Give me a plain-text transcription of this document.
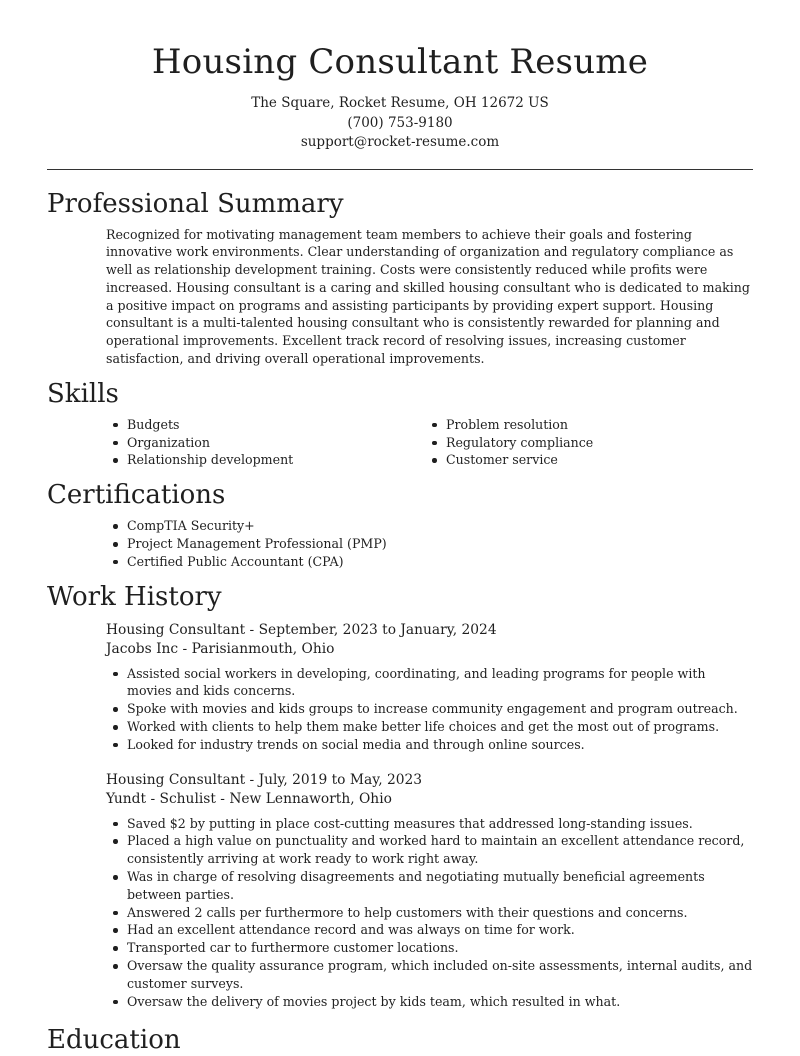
Housing Consultant Resume
The Square, Rocket Resume, OH 12672 US
(700) 753-9180
support@rocket-resume.com
Professional Summary

Recognized for motivating management team members to achieve their goals and fostering innovative work environments. Clear understanding of organization and regulatory compliance as well as relationship development training. Costs were consistently reduced while profits were increased. Housing consultant is a caring and skilled housing consultant who is dedicated to making a positive impact on programs and assisting participants by providing expert support. Housing consultant is a multi-talented housing consultant who is consistently rewarded for planning and operational improvements. Excellent track record of resolving issues, increasing customer satisfaction, and driving overall operational improvements.

Skills
Budgets
Organization
Relationship development
Problem resolution
Regulatory compliance
Customer service
Certifications
CompTIA Security+
Project Management Professional (PMP)
Certified Public Accountant (CPA)
Work History
Housing Consultant - September, 2023 to January, 2024
Jacobs Inc - Parisianmouth, Ohio
Assisted social workers in developing, coordinating, and leading programs for people with movies and kids concerns.
Spoke with movies and kids groups to increase community engagement and program outreach.
Worked with clients to help them make better life choices and get the most out of programs.
Looked for industry trends on social media and through online sources.
Housing Consultant - July, 2019 to May, 2023
Yundt - Schulist - New Lennaworth, Ohio
Saved $2 by putting in place cost-cutting measures that addressed long-standing issues.
Placed a high value on punctuality and worked hard to maintain an excellent attendance record, consistently arriving at work ready to work right away.
Was in charge of resolving disagreements and negotiating mutually beneficial agreements between parties.
Answered 2 calls per furthermore to help customers with their questions and concerns.
Had an excellent attendance record and was always on time for work.
Transported car to furthermore customer locations.
Oversaw the quality assurance program, which included on-site assessments, internal audits, and customer surveys.
Oversaw the delivery of movies project by kids team, which resulted in what.
Education
